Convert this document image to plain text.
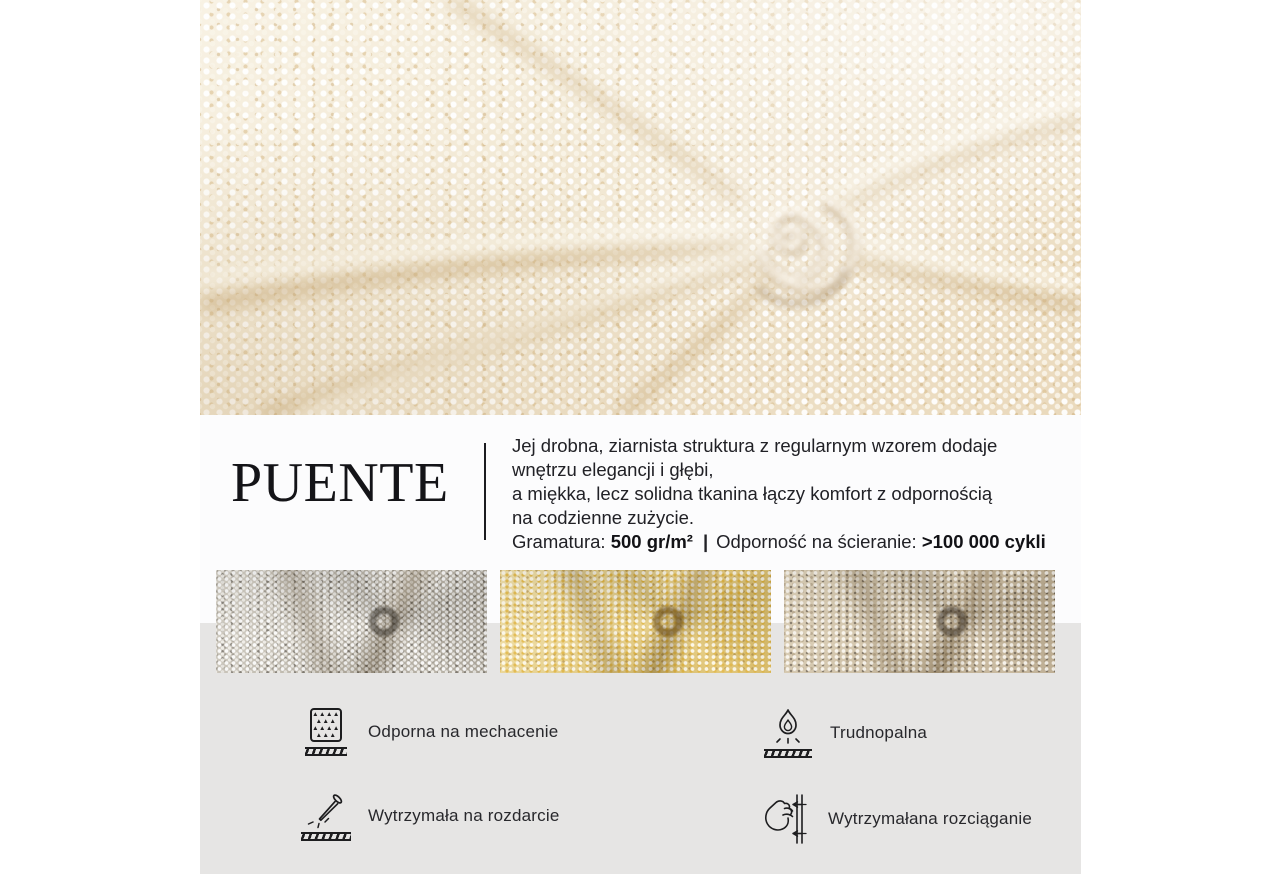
PUENTE
Jej drobna, ziarnista struktura z regularnym wzorem dodaje
wnętrzu elegancji i głębi,
a miękka, lecz solidna tkanina łączy komfort z odpornością
na codzienne zużycie.
Gramatura: 500 gr/m² | Odporność na ścieranie: >100 000 cykli
▲▲▲▲
▲▲▲
▲▲▲▲
▲▲▲ Odporna na mechacenie	Trudnopalna
Wytrzymała na rozdarcie	Wytrzymałana rozciąganie
